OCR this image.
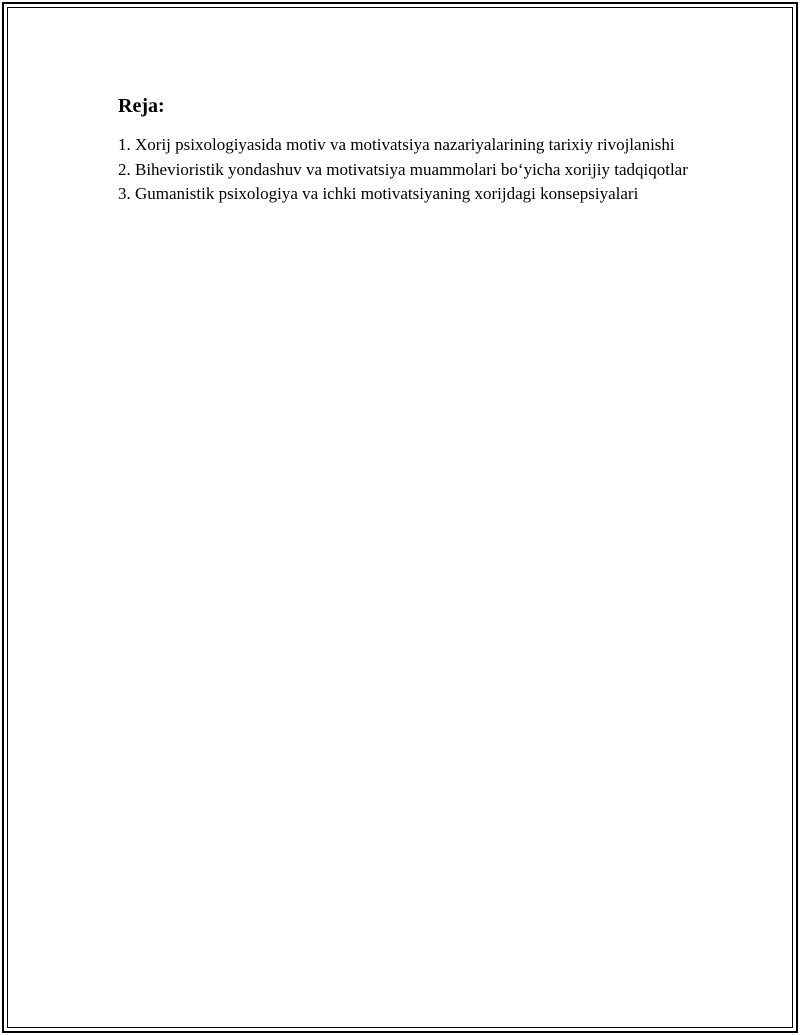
Reja:
1. Xorij psixologiyasida motiv va motivatsiya nazariyalarining tarixiy rivojlanishi
2. Bihevioristik yondashuv va motivatsiya muammolari bo‘yicha xorijiy tadqiqotlar
3. Gumanistik psixologiya va ichki motivatsiyaning xorijdagi konsepsiyalari
